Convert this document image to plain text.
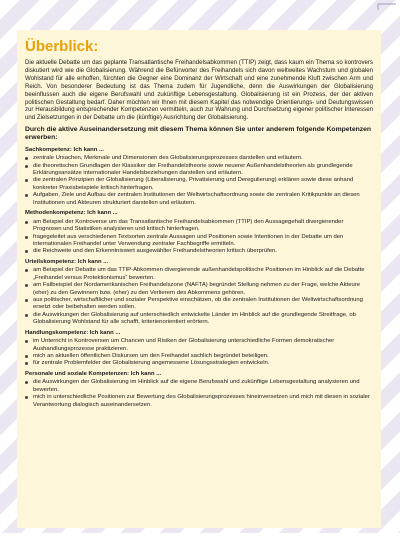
Überblick:

Die aktuelle Debatte um das geplante Transatlantische Freihandelsabkommen (TTIP) zeigt, dass kaum ein Thema so kontrovers diskutiert wird wie die Globalisierung. Während die Befürworter des Freihandels sich davon weltweites Wachstum und globalen Wohlstand für alle erhoffen, fürchten die Gegner eine Dominanz der Wirtschaft und eine zunehmende Kluft zwischen Arm und Reich. Von besonderer Bedeutung ist das Thema zudem für Jugendliche, denn die Auswirkungen der Globalisierung beeinflussen auch die eigene Berufswahl und zukünftige Lebensgestaltung. Globalisierung ist ein Prozess, der der aktiven politischen Gestaltung bedarf. Daher möchten wir Ihnen mit diesem Kapitel das notwendige Orientierungs- und Deutungswissen zur Herausbildung entsprechender Kompetenzen vermitteln, auch zur Wahrung und Durchsetzung eigener politischer Interessen und Zielsetzungen in der Debatte um die (künftige) Ausrichtung der Globalisierung.

Durch die aktive Auseinandersetzung mit diesem Thema können Sie unter anderem folgende Kompetenzen erwerben:

Sachkompetenz: Ich kann ...
zentrale Ursachen, Merkmale und Dimensionen des Globalisierungsprozesses darstellen und erläutern.
die theoretischen Grundlagen der Klassiker der Freihandelstheorie sowie neuerer Außenhandelstheorien als grundlegende Erklärungsansätze internationaler Handelsbeziehungen darstellen und erläutern.
die zentralen Prinzipien der Globalisierung (Liberalisierung, Privatisierung und Deregulierung) erklären sowie diese anhand konkreter Praxisbeispiele kritisch hinterfragen.
Aufgaben, Ziele und Aufbau der zentralen Institutionen der Weltwirtschaftsordnung sowie die zentralen Kritikpunkte an diesen Institutionen und Akteuren strukturiert darstellen und erläutern.
Methodenkompetenz: Ich kann ...
am Beispiel der Kontroverse um das Transatlantische Freihandelsabkommen (TTIP) den Aussagegehalt divergierender Prognosen und Statistiken analysieren und kritisch hinterfragen.
fragegeleitet aus verschiedenen Textsorten zentrale Aussagen und Positionen sowie Intentionen in der Debatte um den internationalen Freihandel unter Verwendung zentraler Fachbegriffe ermitteln.
die Reichweite und den Erkenntniswert ausgewählter Freihandelstheorien kritisch überprüfen.
Urteilskompetenz: Ich kann ...
am Beispiel der Debatte um das TTIP-Abkommen divergierende außenhandelspolitische Positionen im Hinblick auf die Debatte „Freihandel versus Protektionismus“ bewerten.
am Fallbeispiel der Nordamerikanischen Freihandelszone (NAFTA) begründet Stellung nehmen zu der Frage, welche Akteure (eher) zu den Gewinnern bzw. (eher) zu den Verlierern des Abkommens gehören.
aus politischer, wirtschaftlicher und sozialer Perspektive einschätzen, ob die zentralen Institutionen der Weltwirtschaftsordnung ersetzt oder beibehalten werden sollen.
die Auswirkungen der Globalisierung auf unterschiedlich entwickelte Länder im Hinblick auf die grundlegende Streitfrage, ob Globalisierung Wohlstand für alle schafft, kriterienorientiert erörtern.
Handlungskompetenz: Ich kann ...
im Unterricht in Kontroversen um Chancen und Risiken der Globalisierung unterschiedliche Formen demokratischer Aushandlungsprozesse praktizieren.
mich an aktuellen öffentlichen Diskursen um den Freihandel sachlich begründet beteiligen.
für zentrale Problemfelder der Globalisierung angemessene Lösungsstrategien entwickeln.
Personale und soziale Kompetenzen: Ich kann ...
die Auswirkungen der Globalisierung im Hinblick auf die eigene Berufswahl und zukünftige Lebensgestaltung analysieren und bewerten.
mich in unterschiedliche Positionen zur Bewertung des Globalisierungsprozesses hineinversetzen und mich mit diesen in sozialer Verantwortung dialogisch auseinandersetzen.
